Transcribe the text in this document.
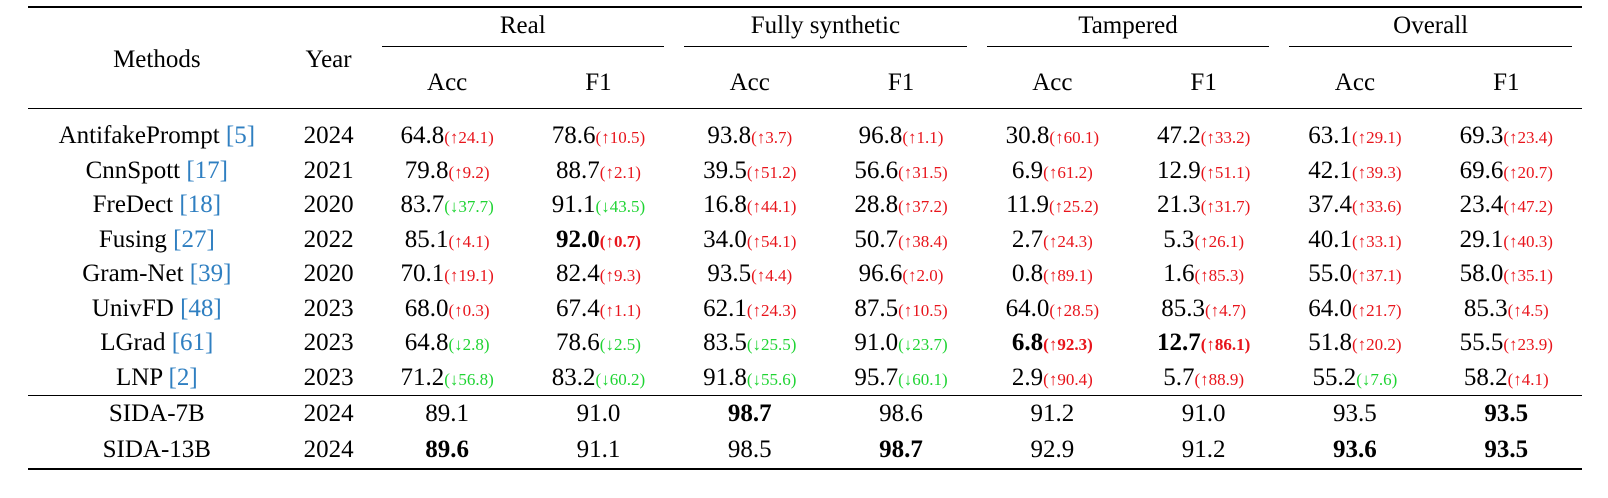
Methods	Year	Real		Fully synthetic		Tampered		Overall	

		Acc	F1	Acc	F1	Acc	F1	Acc	F1
AntifakePrompt [5]	2024	64.8(↑24.1)	78.6(↑10.5)	93.8(↑3.7)	96.8(↑1.1)	30.8(↑60.1)	47.2(↑33.2)	63.1(↑29.1)	69.3(↑23.4)
CnnSpott [17]	2021	79.8(↑9.2)	88.7(↑2.1)	39.5(↑51.2)	56.6(↑31.5)	6.9(↑61.2)	12.9(↑51.1)	42.1(↑39.3)	69.6(↑20.7)
FreDect [18]	2020	83.7(↓37.7)	91.1(↓43.5)	16.8(↑44.1)	28.8(↑37.2)	11.9(↑25.2)	21.3(↑31.7)	37.4(↑33.6)	23.4(↑47.2)
Fusing [27]	2022	85.1(↑4.1)	92.0(↑0.7)	34.0(↑54.1)	50.7(↑38.4)	2.7(↑24.3)	5.3(↑26.1)	40.1(↑33.1)	29.1(↑40.3)
Gram-Net [39]	2020	70.1(↑19.1)	82.4(↑9.3)	93.5(↑4.4)	96.6(↑2.0)	0.8(↑89.1)	1.6(↑85.3)	55.0(↑37.1)	58.0(↑35.1)
UnivFD [48]	2023	68.0(↑0.3)	67.4(↑1.1)	62.1(↑24.3)	87.5(↑10.5)	64.0(↑28.5)	85.3(↑4.7)	64.0(↑21.7)	85.3(↑4.5)
LGrad [61]	2023	64.8(↓2.8)	78.6(↓2.5)	83.5(↓25.5)	91.0(↓23.7)	6.8(↑92.3)	12.7(↑86.1)	51.8(↑20.2)	55.5(↑23.9)
LNP [2]	2023	71.2(↓56.8)	83.2(↓60.2)	91.8(↓55.6)	95.7(↓60.1)	2.9(↑90.4)	5.7(↑88.9)	55.2(↓7.6)	58.2(↑4.1)
SIDA-7B	2024	89.1	91.0	98.7	98.6	91.2	91.0	93.5	93.5
SIDA-13B	2024	89.6	91.1	98.5	98.7	92.9	91.2	93.6	93.5
